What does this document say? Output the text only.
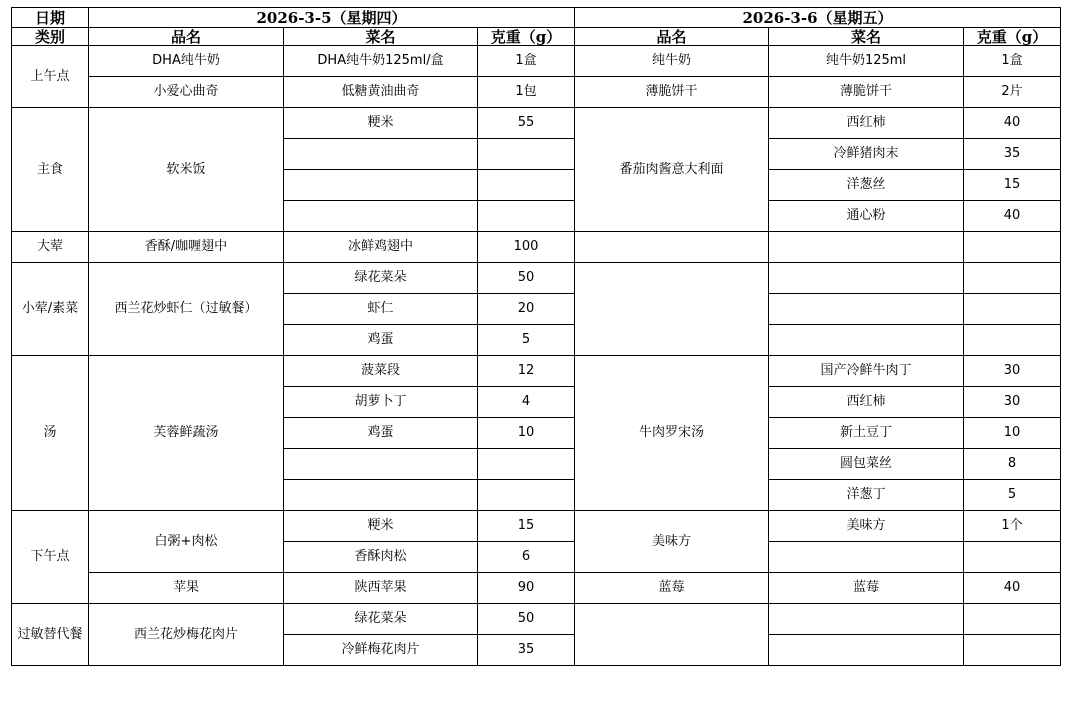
日期	2026-3-5（星期四）			2026-3-6（星期五）		
类别	品名	菜名	克重（g）	品名	菜名	克重（g）
上午点	DHA纯牛奶	DHA纯牛奶125ml/盒	1盒	纯牛奶	纯牛奶125ml	1盒
	小爱心曲奇	低糖黄油曲奇	1包	薄脆饼干	薄脆饼干	2片
主食	软米饭	粳米	55	番茄肉酱意大利面	西红柿	40
					冷鲜猪肉末	35
					洋葱丝	15
					通心粉	40
大荤	香酥/咖喱翅中	冰鲜鸡翅中	100			
小荤/素菜	西兰花炒虾仁（过敏餐）	绿花菜朵	50			
		虾仁	20			
		鸡蛋	5			
汤	芙蓉鲜蔬汤	菠菜段	12	牛肉罗宋汤	国产冷鲜牛肉丁	30
		胡萝卜丁	4		西红柿	30
		鸡蛋	10		新土豆丁	10
					圆包菜丝	8
					洋葱丁	5
下午点	白粥+肉松	粳米	15	美味方	美味方	1个
		香酥肉松	6			
	苹果	陕西苹果	90	蓝莓	蓝莓	40
过敏替代餐	西兰花炒梅花肉片	绿花菜朵	50			
		冷鲜梅花肉片	35			
